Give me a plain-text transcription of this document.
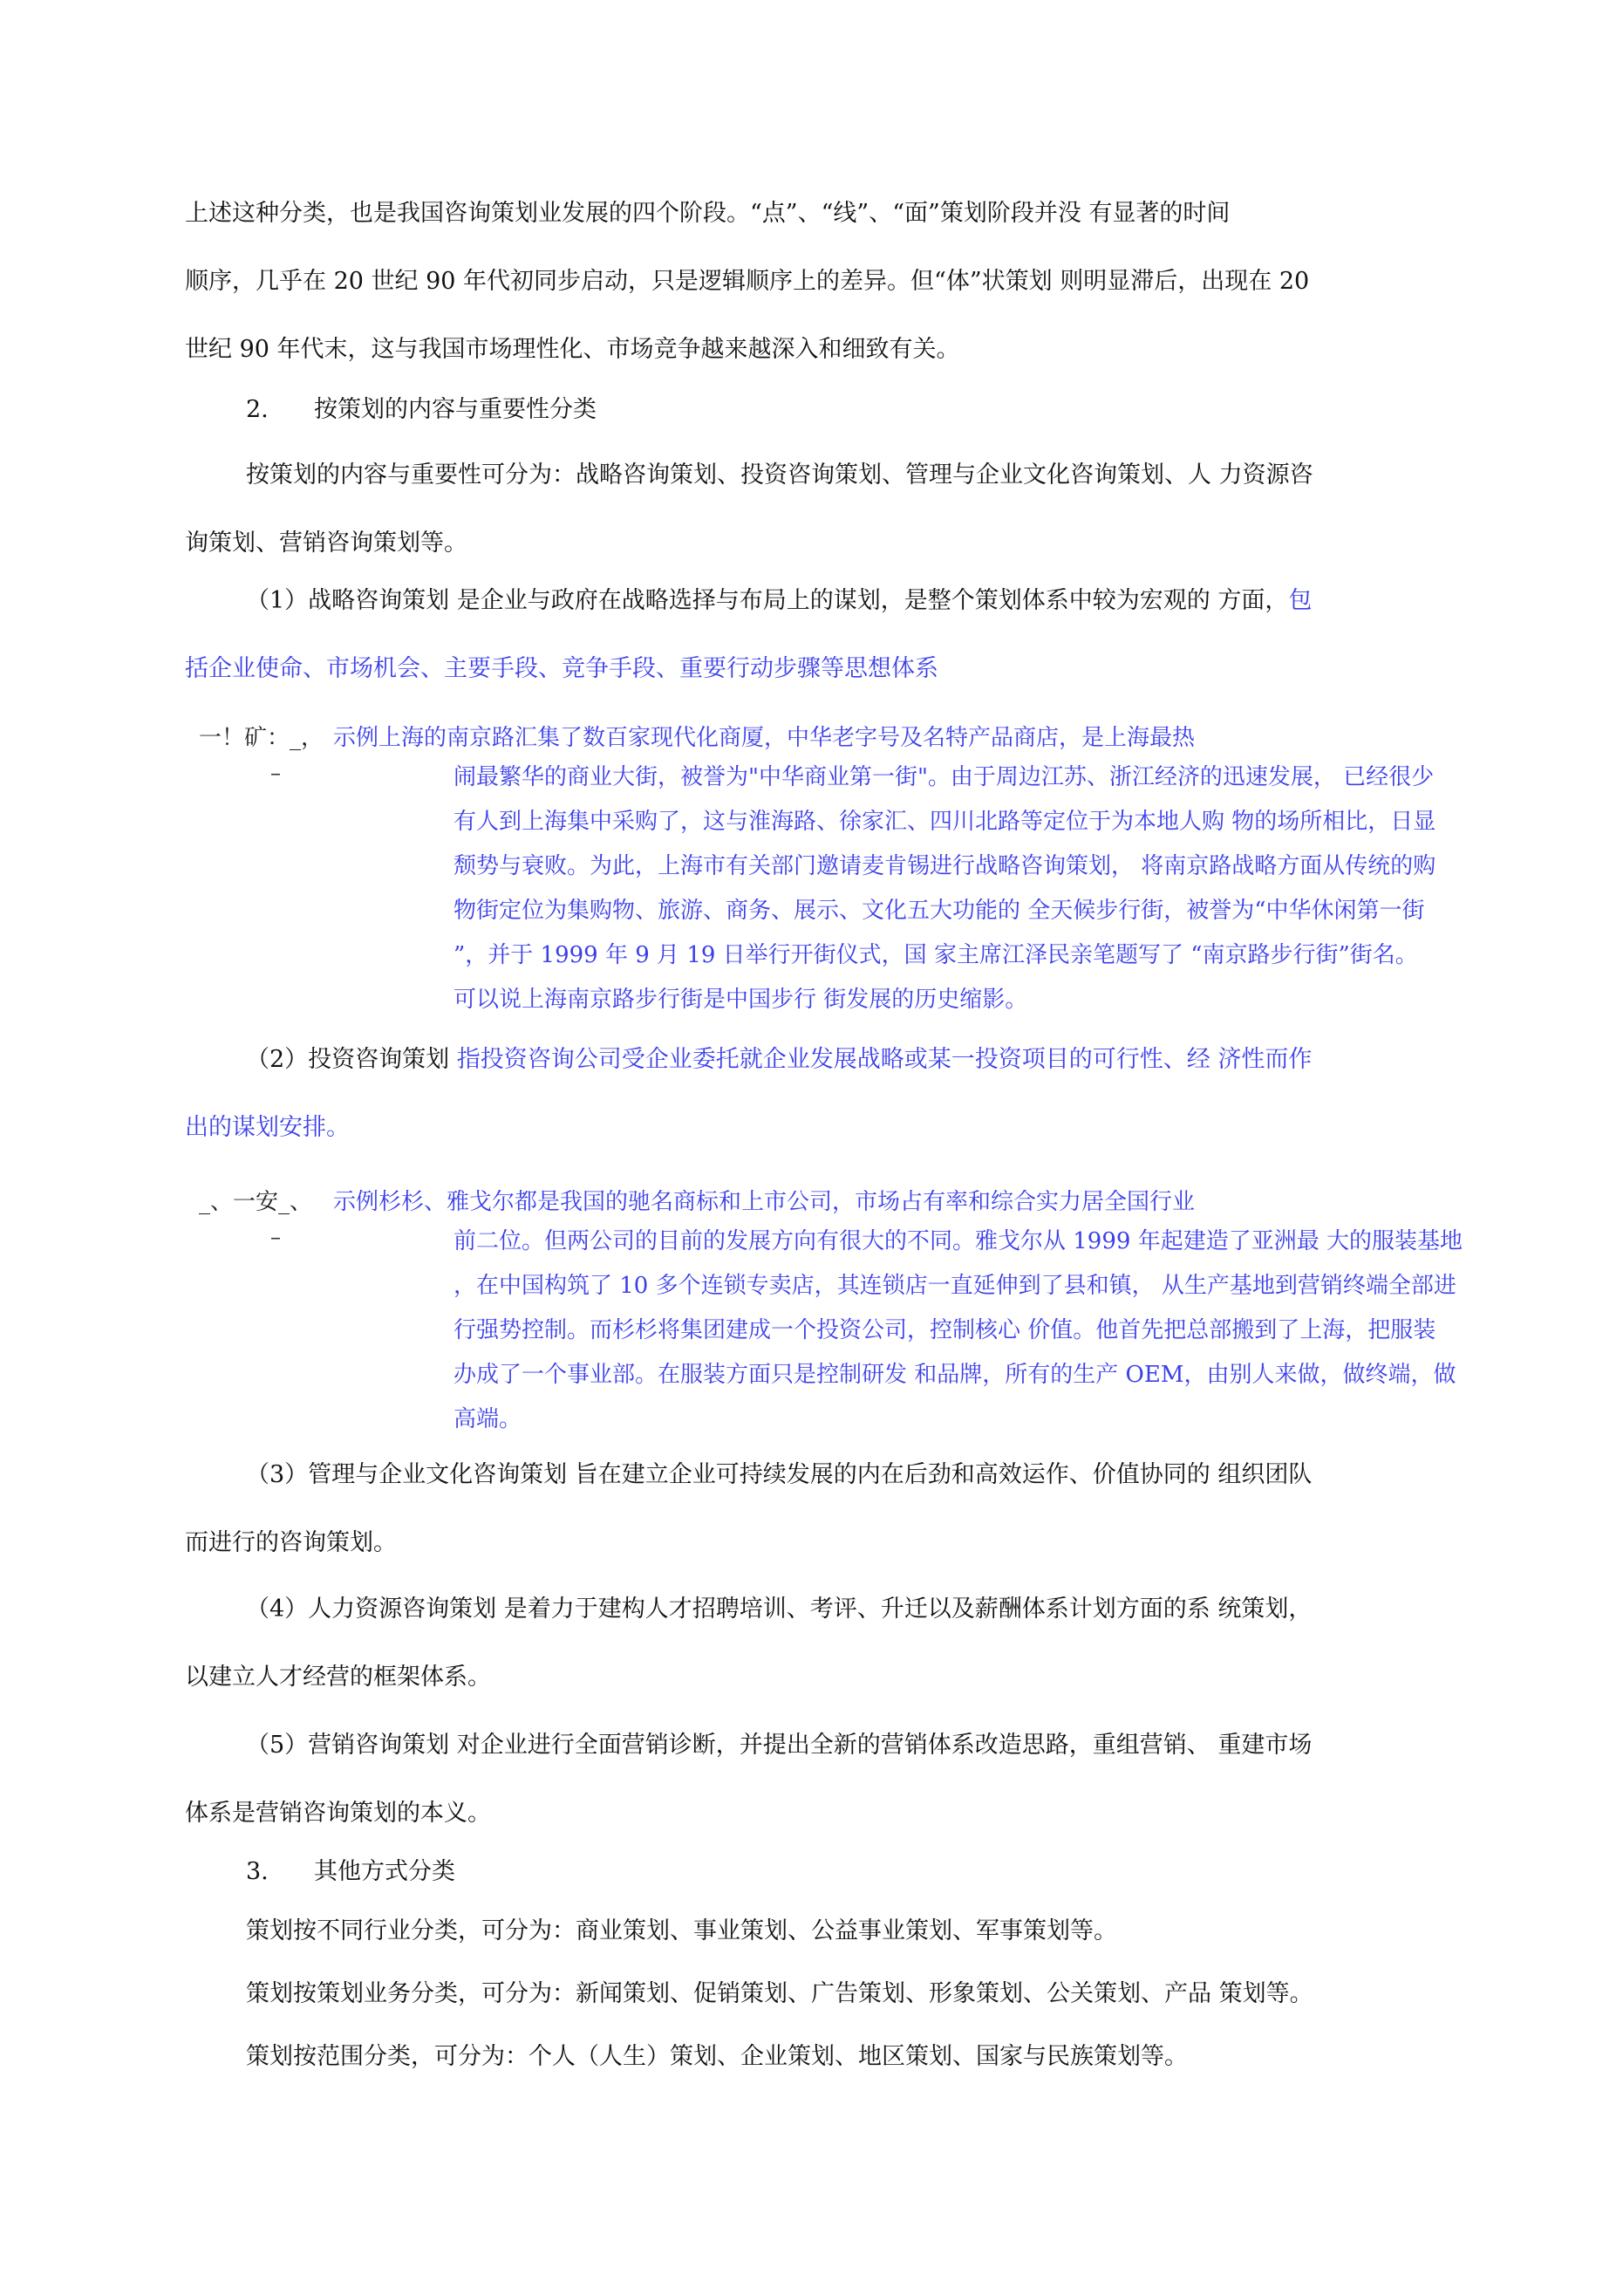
上述这种分类，也是我国咨询策划业发展的四个阶段。“点”、“线”、“面”策划阶段并没 有显著的时间
顺序，几乎在 20 世纪 90 年代初同步启动，只是逻辑顺序上的差异。但“体”状策划 则明显滞后，出现在 20
世纪 90 年代末，这与我国市场理性化、市场竞争越来越深入和细致有关。

2. 按策划的内容与重要性分类

按策划的内容与重要性可分为：战略咨询策划、投资咨询策划、管理与企业文化咨询策划、人 力资源咨
询策划、营销咨询策划等。

（1）战略咨询策划 是企业与政府在战略选择与布局上的谋划，是整个策划体系中较为宏观的 方面，包
括企业使命、市场机会、主要手段、竞争手段、重要行动步骤等思想体系

一！矿：_， 示例上海的南京路汇集了数百家现代化商厦，中华老字号及名特产品商店，是上海最热
–	闹最繁华的商业大街，被誉为"中华商业第一街"。由于周边江苏、浙江经济的迅速发展， 已经很少
有人到上海集中采购了，这与淮海路、徐家汇、四川北路等定位于为本地人购 物的场所相比，日显
颓势与衰败。为此，上海市有关部门邀请麦肯锡进行战略咨询策划， 将南京路战略方面从传统的购
物街定位为集购物、旅游、商务、展示、文化五大功能的 全天候步行街，被誉为“中华休闲第一街
”，并于 1999 年 9 月 19 日举行开街仪式，国 家主席江泽民亲笔题写了 “南京路步行街”街名。
可以说上海南京路步行街是中国步行 街发展的历史缩影。

（2）投资咨询策划 指投资咨询公司受企业委托就企业发展战略或某一投资项目的可行性、经 济性而作
出的谋划安排。

_、一安_、 示例杉杉、雅戈尔都是我国的驰名商标和上市公司，市场占有率和综合实力居全国行业
–	前二位。但两公司的目前的发展方向有很大的不同。雅戈尔从 1999 年起建造了亚洲最 大的服装基地
，在中国构筑了 10 多个连锁专卖店，其连锁店一直延伸到了县和镇， 从生产基地到营销终端全部进
行强势控制。而杉杉将集团建成一个投资公司，控制核心 价值。他首先把总部搬到了上海，把服装
办成了一个事业部。在服装方面只是控制研发 和品牌，所有的生产 OEM，由别人来做，做终端，做
高端。

（3）管理与企业文化咨询策划 旨在建立企业可持续发展的内在后劲和高效运作、价值协同的 组织团队
而进行的咨询策划。

（4）人力资源咨询策划 是着力于建构人才招聘培训、考评、升迁以及薪酬体系计划方面的系 统策划，
以建立人才经营的框架体系。

（5）营销咨询策划 对企业进行全面营销诊断，并提出全新的营销体系改造思路，重组营销、 重建市场
体系是营销咨询策划的本义。

3. 其他方式分类

策划按不同行业分类，可分为：商业策划、事业策划、公益事业策划、军事策划等。
策划按策划业务分类，可分为：新闻策划、促销策划、广告策划、形象策划、公关策划、产品 策划等。
策划按范围分类，可分为：个人（人生）策划、企业策划、地区策划、国家与民族策划等。
